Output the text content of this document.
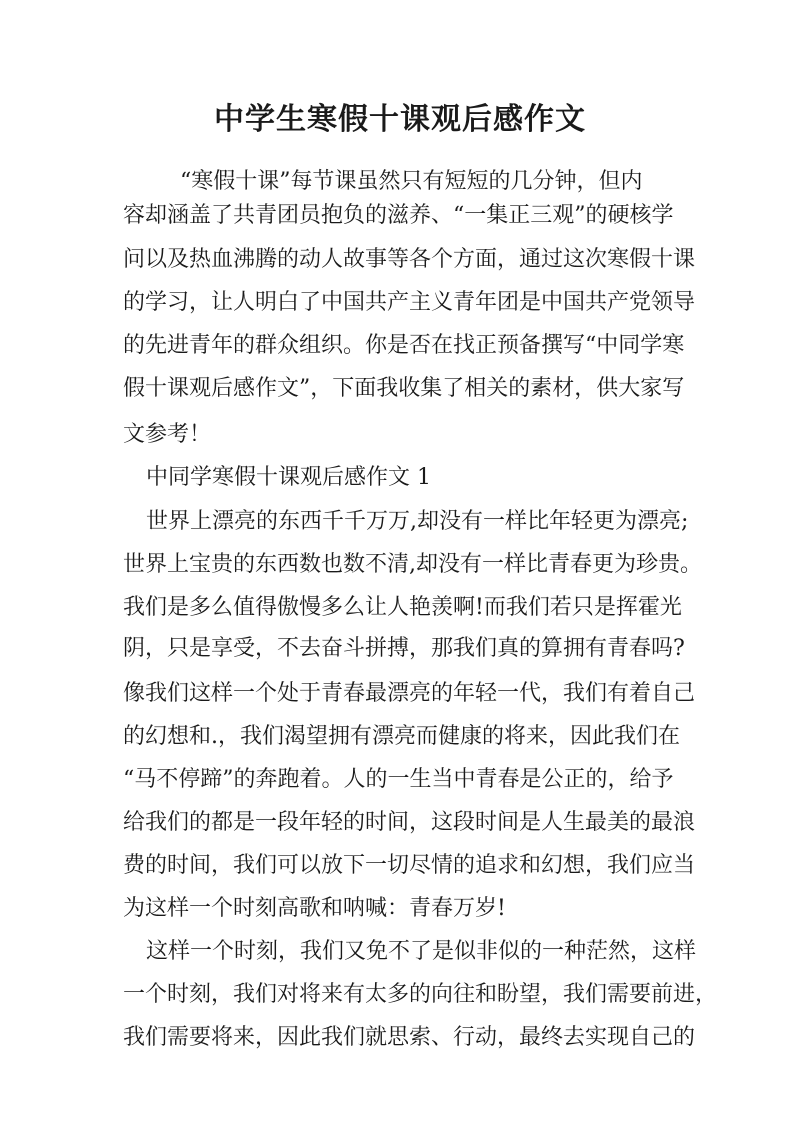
中学生寒假十课观后感作文

“寒假十课”每节课虽然只有短短的几分钟，但内

容却涵盖了共青团员抱负的滋养、“一集正三观”的硬核学

问以及热血沸腾的动人故事等各个方面，通过这次寒假十课

的学习，让人明白了中国共产主义青年团是中国共产党领导

的先进青年的群众组织。你是否在找正预备撰写“中同学寒

假十课观后感作文”，下面我收集了相关的素材，供大家写

文参考！

中同学寒假十课观后感作文 1

世界上漂亮的东西千千万万,却没有一样比年轻更为漂亮;

世界上宝贵的东西数也数不清,却没有一样比青春更为珍贵。

我们是多么值得傲慢多么让人艳羡啊!而我们若只是挥霍光

阴，只是享受，不去奋斗拼搏，那我们真的算拥有青春吗?

像我们这样一个处于青春最漂亮的年轻一代，我们有着自己

的幻想和.，我们渴望拥有漂亮而健康的将来，因此我们在

“马不停蹄”的奔跑着。人的一生当中青春是公正的，给予

给我们的都是一段年轻的时间，这段时间是人生最美的最浪

费的时间，我们可以放下一切尽情的追求和幻想，我们应当

为这样一个时刻高歌和呐喊：青春万岁!

这样一个时刻，我们又免不了是似非似的一种茫然，这样

一个时刻，我们对将来有太多的向往和盼望，我们需要前进，

我们需要将来，因此我们就思索、行动，最终去实现自己的
